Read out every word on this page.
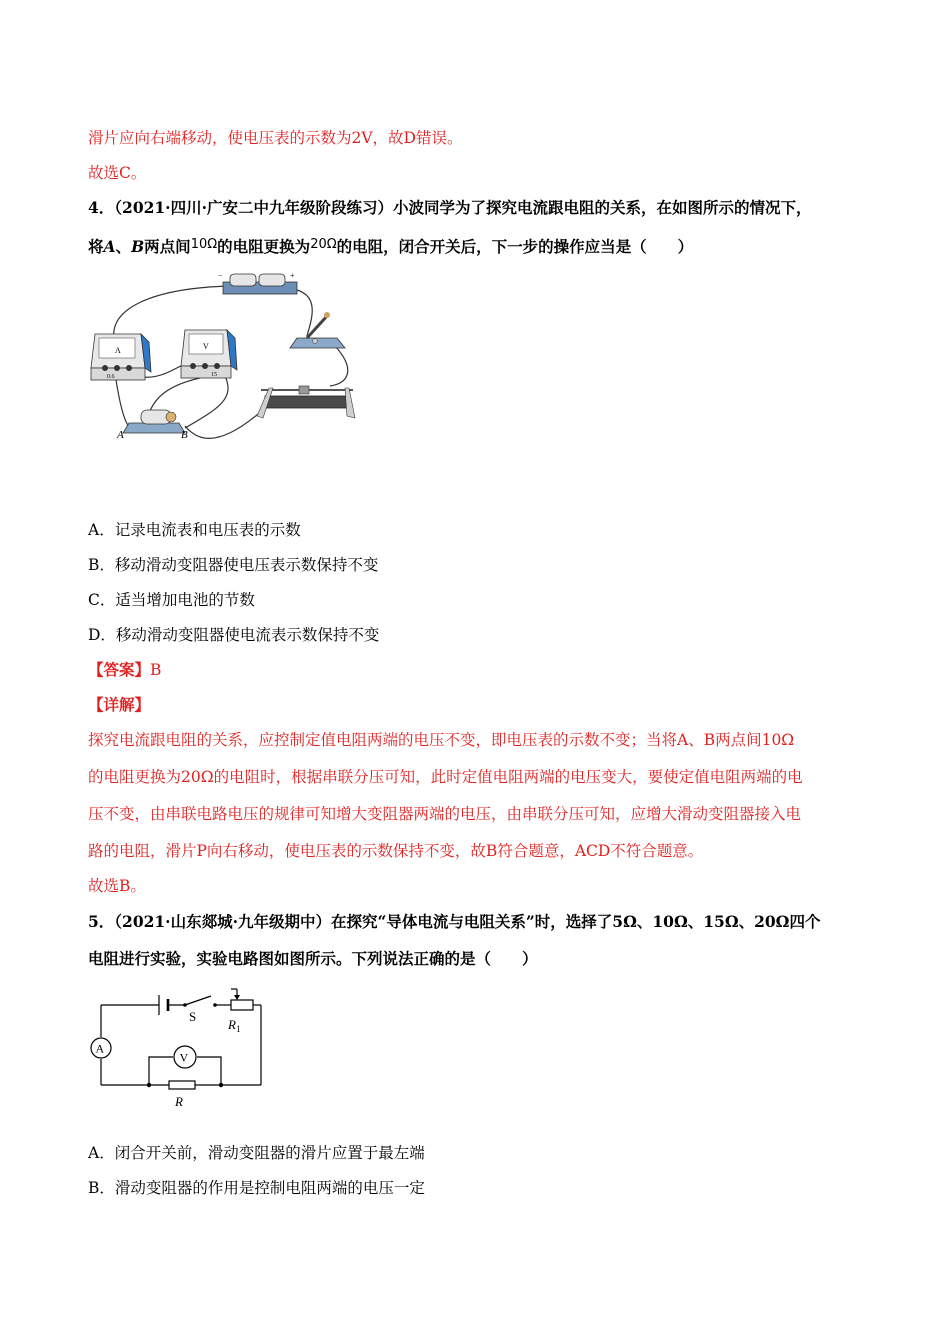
滑片应向右端移动，使电压表的示数为2V，故D错误。
故选C。
4．（2021·四川·广安二中九年级阶段练习）小波同学为了探究电流跟电阻的关系，在如图所示的情况下，
将A、B两点间$^{10\Omega}$的电阻更换为$^{20\Omega}$的电阻，闭合开关后，下一步的操作应当是（　　）
−	+
A
0.6
V
15
A	B
A．记录电流表和电压表的示数
B．移动滑动变阻器使电压表示数保持不变
C．适当增加电池的节数
D．移动滑动变阻器使电流表示数保持不变
【答案】B
【详解】
探究电流跟电阻的关系，应控制定值电阻两端的电压不变，即电压表的示数不变；当将A、B两点间10Ω
的电阻更换为20Ω的电阻时，根据串联分压可知，此时定值电阻两端的电压变大，要使定值电阻两端的电
压不变，由串联电路电压的规律可知增大变阻器两端的电压，由串联分压可知，应增大滑动变阻器接入电
路的电阻，滑片P向右移动，使电压表的示数保持不变，故B符合题意，ACD不符合题意。
故选B。
5．（2021·山东郯城·九年级期中）在探究“导体电流与电阻关系”时，选择了5Ω、10Ω、15Ω、20Ω四个
电阻进行实验，实验电路图如图所示。下列说法正确的是（　　）
S
$R_1$
A
V
R
A．闭合开关前，滑动变阻器的滑片应置于最左端
B．滑动变阻器的作用是控制电阻两端的电压一定
